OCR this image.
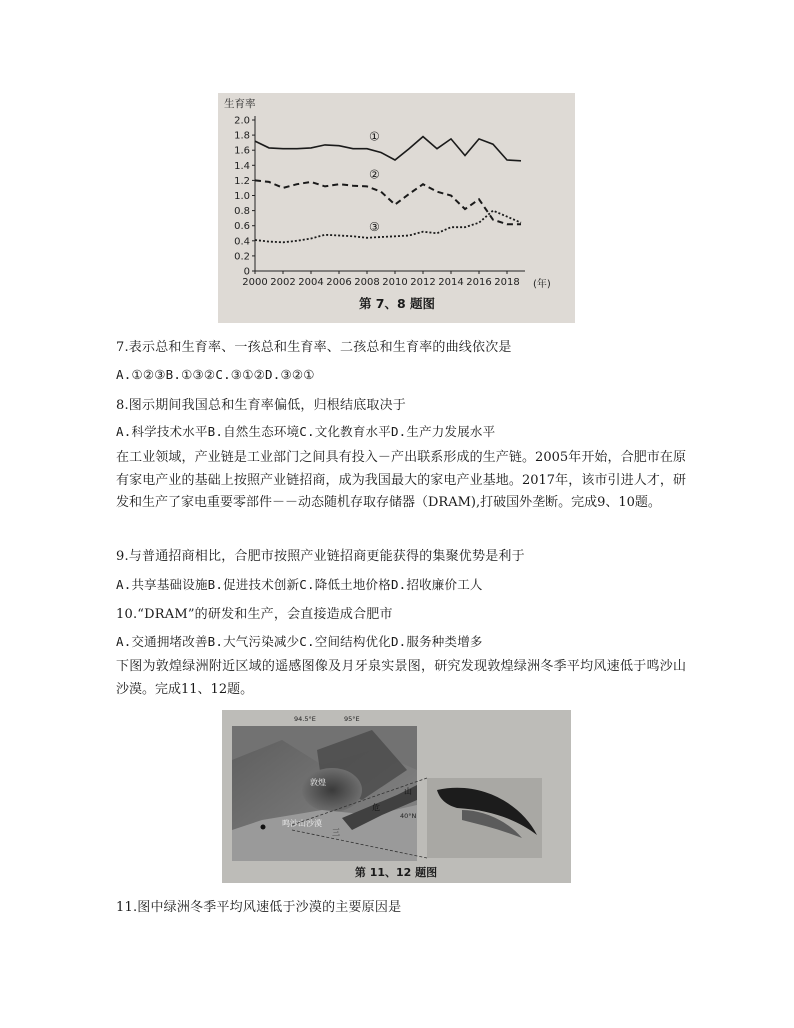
生育率
0
0.2
0.4
0.6
0.8
1.0
1.2
1.4
1.6
1.8
2.0
2000 2002 2004 2006 2008 2010 2012 2014 2016 2018
①
②
③
(年)
第 7、8 题图
7.表示总和生育率、一孩总和生育率、二孩总和生育率的曲线依次是
A.①②③B.①③②C.③①②D.③②①
8.图示期间我国总和生育率偏低，归根结底取决于
A.科学技术水平B.自然生态环境C.文化教育水平D.生产力发展水平
在工业领域，产业链是工业部门之间具有投入－产出联系形成的生产链。2005年开始，合肥市在原有家电产业的基础上按照产业链招商，成为我国最大的家电产业基地。2017年，该市引进人才，研发和生产了家电重要零部件－－动态随机存取存储器（DRAM),打破国外垄断。完成9、10题。
9.与普通招商相比，合肥市按照产业链招商更能获得的集聚优势是利于
A.共享基础设施B.促进技术创新C.降低土地价格D.招收廉价工人
10.“DRAM”的研发和生产，会直接造成合肥市
A.交通拥堵改善B.大气污染减少C.空间结构优化D.服务种类增多
下图为敦煌绿洲附近区域的遥感图像及月牙泉实景图，研究发现敦煌绿洲冬季平均风速低于鸣沙山沙漠。完成11、12题。
94.5°E	95°E
40°N
敦煌
鸣沙山沙漠
三
危
山
第 11、12 题图
11.图中绿洲冬季平均风速低于沙漠的主要原因是
